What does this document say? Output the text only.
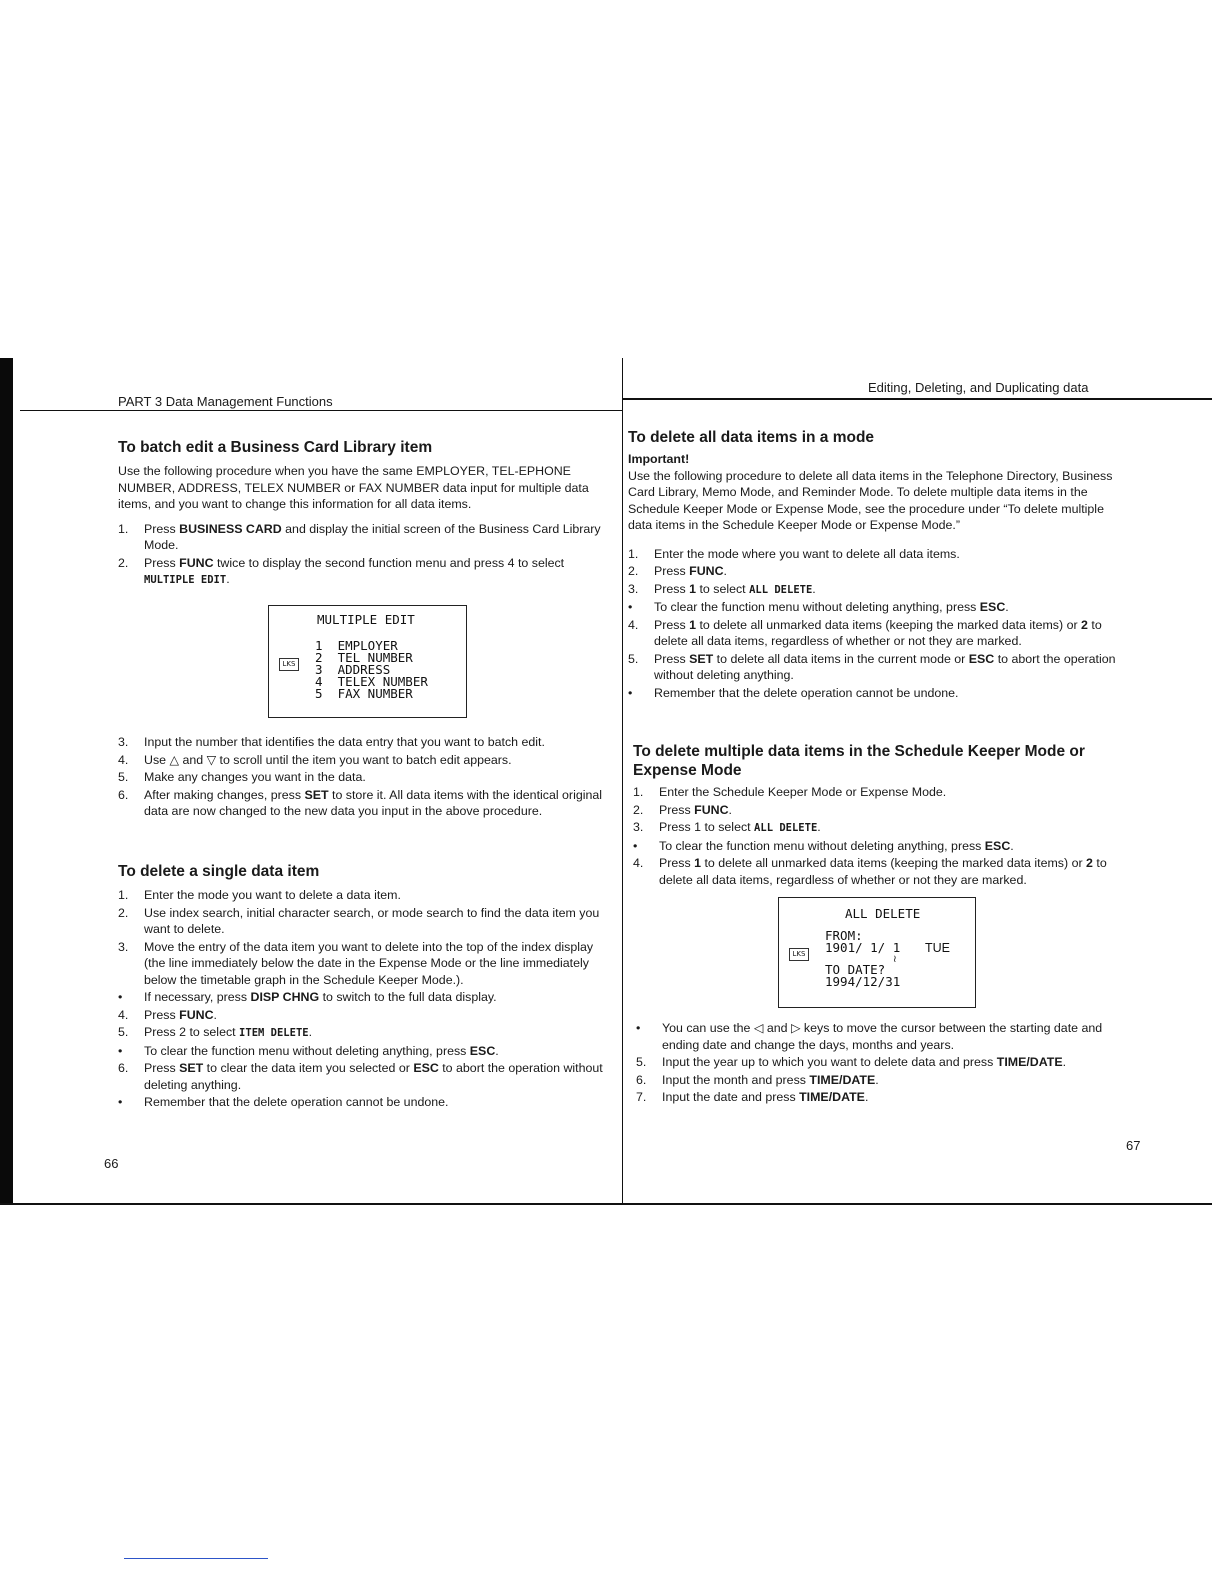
PART 3 Data Management Functions
66
To batch edit a Business Card Library item
Use the following procedure when you have the same EMPLOYER, TEL-EPHONE NUMBER, ADDRESS, TELEX NUMBER or FAX NUMBER data input for multiple data items, and you want to change this information for all data items.
1.	Press BUSINESS CARD and display the initial screen of the Business Card Library Mode.
2.	Press FUNC twice to display the second function menu and press 4 to select MULTIPLE EDIT.
MULTIPLE EDIT
LKS
1  EMPLOYER
2  TEL NUMBER
3  ADDRESS
4  TELEX NUMBER
5  FAX NUMBER
3.	Input the number that identifies the data entry that you want to batch edit.
4.	Use △ and ▽ to scroll until the item you want to batch edit appears.
5.	Make any changes you want in the data.
6.	After making changes, press SET to store it. All data items with the identical original data are now changed to the new data you input in the above procedure.
To delete a single data item
1.	Enter the mode you want to delete a data item.
2.	Use index search, initial character search, or mode search to find the data item you want to delete.
3.	Move the entry of the data item you want to delete into the top of the index display (the line immediately below the date in the Expense Mode or the line immediately below the timetable graph in the Schedule Keeper Mode.).
•	If necessary, press DISP CHNG to switch to the full data display.
4.	Press FUNC.
5.	Press 2 to select ITEM DELETE.
•	To clear the function menu without deleting anything, press ESC.
6.	Press SET to clear the data item you selected or ESC to abort the operation without deleting anything.
•	Remember that the delete operation cannot be undone.
Editing, Deleting, and Duplicating data
67
To delete all data items in a mode
Important!
Use the following procedure to delete all data items in the Telephone Directory, Business Card Library, Memo Mode, and Reminder Mode. To delete multiple data items in the Schedule Keeper Mode or Expense Mode, see the procedure under “To delete multiple data items in the Schedule Keeper Mode or Expense Mode.”
1.	Enter the mode where you want to delete all data items.
2.	Press FUNC.
3.	Press 1 to select ALL DELETE.
•	To clear the function menu without deleting anything, press ESC.
4.	Press 1 to delete all unmarked data items (keeping the marked data items) or 2 to delete all data items, regardless of whether or not they are marked.
5.	Press SET to delete all data items in the current mode or ESC to abort the operation without deleting anything.
•	Remember that the delete operation cannot be undone.
To delete multiple data items in the Schedule Keeper Mode or Expense Mode
1.	Enter the Schedule Keeper Mode or Expense Mode.
2.	Press FUNC.
3.	Press 1 to select ALL DELETE.
•	To clear the function menu without deleting anything, press ESC.
4.	Press 1 to delete all unmarked data items (keeping the marked data items) or 2 to delete all data items, regardless of whether or not they are marked.
ALL DELETE
FROM:
LKS 1901/ 1/ 1 TUE
≀
TO DATE?
1994/12/31
•	You can use the ◁ and ▷ keys to move the cursor between the starting date and ending date and change the days, months and years.
5.	Input the year up to which you want to delete data and press TIME/DATE.
6.	Input the month and press TIME/DATE.
7.	Input the date and press TIME/DATE.
